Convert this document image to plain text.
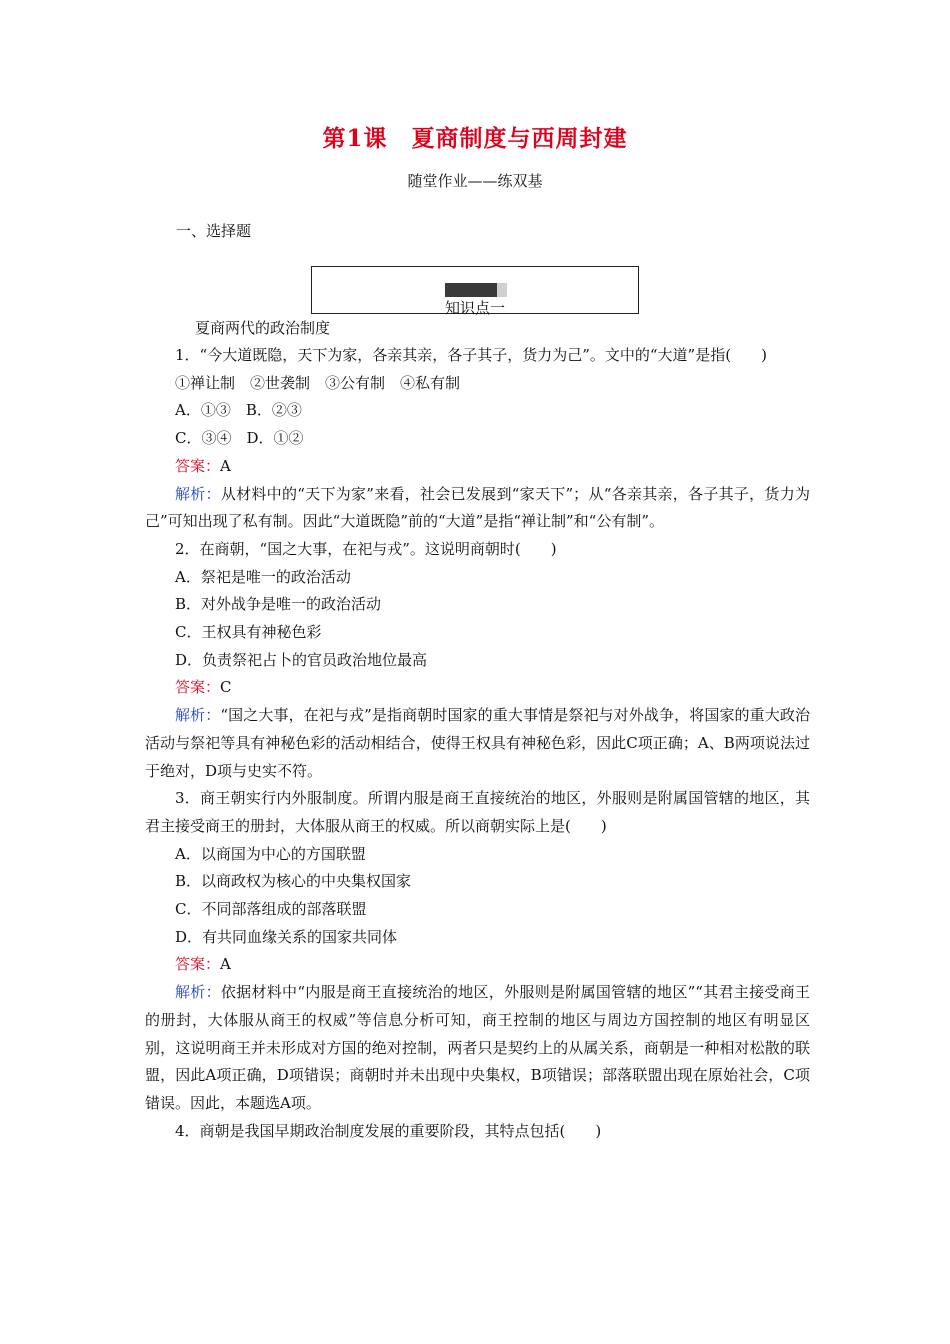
第1课 夏商制度与西周封建
随堂作业——练双基
一、选择题
知识点一
夏商两代的政治制度

1．“今大道既隐，天下为家，各亲其亲，各子其子，货力为己”。文中的“大道”是指(　　)

①禅让制　②世袭制　③公有制　④私有制

A．①③　B．②③

C．③④　D．①②

答案：A

解析：从材料中的“天下为家”来看，社会已发展到“家天下”；从“各亲其亲，各子其子，货力为己”可知出现了私有制。因此“大道既隐”前的“大道”是指“禅让制”和“公有制”。

2．在商朝，“国之大事，在祀与戎”。这说明商朝时(　　)

A．祭祀是唯一的政治活动

B．对外战争是唯一的政治活动

C．王权具有神秘色彩

D．负责祭祀占卜的官员政治地位最高

答案：C

解析：“国之大事，在祀与戎”是指商朝时国家的重大事情是祭祀与对外战争，将国家的重大政治活动与祭祀等具有神秘色彩的活动相结合，使得王权具有神秘色彩，因此C项正确；A、B两项说法过于绝对，D项与史实不符。

3．商王朝实行内外服制度。所谓内服是商王直接统治的地区，外服则是附属国管辖的地区，其君主接受商王的册封，大体服从商王的权威。所以商朝实际上是(　　)

A．以商国为中心的方国联盟

B．以商政权为核心的中央集权国家

C．不同部落组成的部落联盟

D．有共同血缘关系的国家共同体

答案：A

解析：依据材料中“内服是商王直接统治的地区，外服则是附属国管辖的地区”“其君主接受商王的册封，大体服从商王的权威”等信息分析可知，商王控制的地区与周边方国控制的地区有明显区别，这说明商王并未形成对方国的绝对控制，两者只是契约上的从属关系，商朝是一种相对松散的联盟，因此A项正确，D项错误；商朝时并未出现中央集权，B项错误；部落联盟出现在原始社会，C项错误。因此，本题选A项。

4．商朝是我国早期政治制度发展的重要阶段，其特点包括(　　)
